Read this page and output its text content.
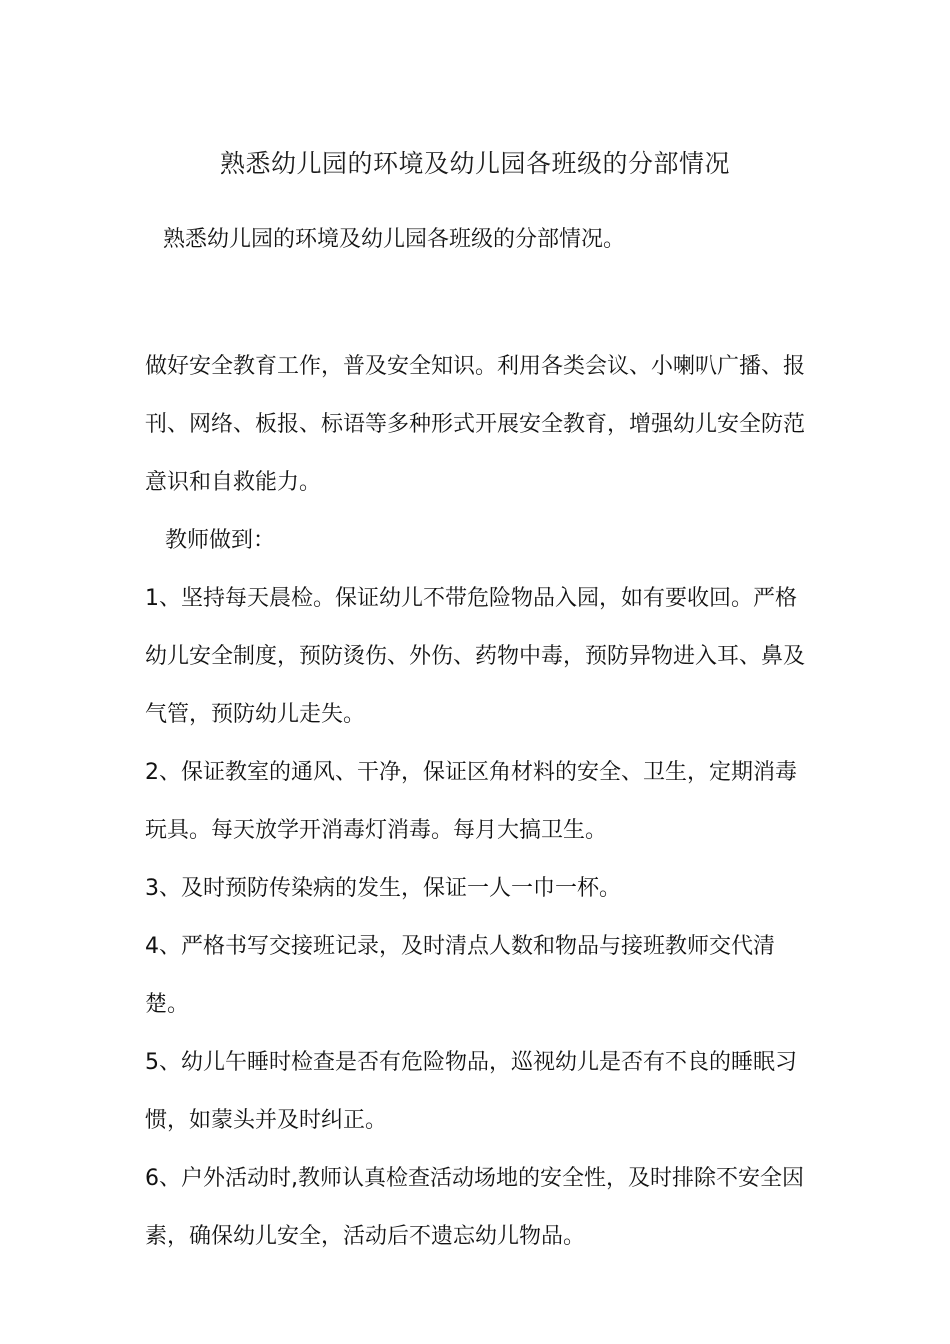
熟悉幼儿园的环境及幼儿园各班级的分部情况
熟悉幼儿园的环境及幼儿园各班级的分部情况。

做好安全教育工作，普及安全知识。利用各类会议、小喇叭广播、报刊、网络、板报、标语等多种形式开展安全教育，增强幼儿安全防范意识和自救能力。

教师做到：

1、坚持每天晨检。保证幼儿不带危险物品入园，如有要收回。严格幼儿安全制度，预防烫伤、外伤、药物中毒，预防异物进入耳、鼻及气管，预防幼儿走失。

2、保证教室的通风、干净，保证区角材料的安全、卫生，定期消毒玩具。每天放学开消毒灯消毒。每月大搞卫生。

3、及时预防传染病的发生，保证一人一巾一杯。

4、严格书写交接班记录，及时清点人数和物品与接班教师交代清楚。

5、幼儿午睡时检查是否有危险物品，巡视幼儿是否有不良的睡眠习惯，如蒙头并及时纠正。

6、户外活动时,教师认真检查活动场地的安全性，及时排除不安全因素，确保幼儿安全，活动后不遗忘幼儿物品。
